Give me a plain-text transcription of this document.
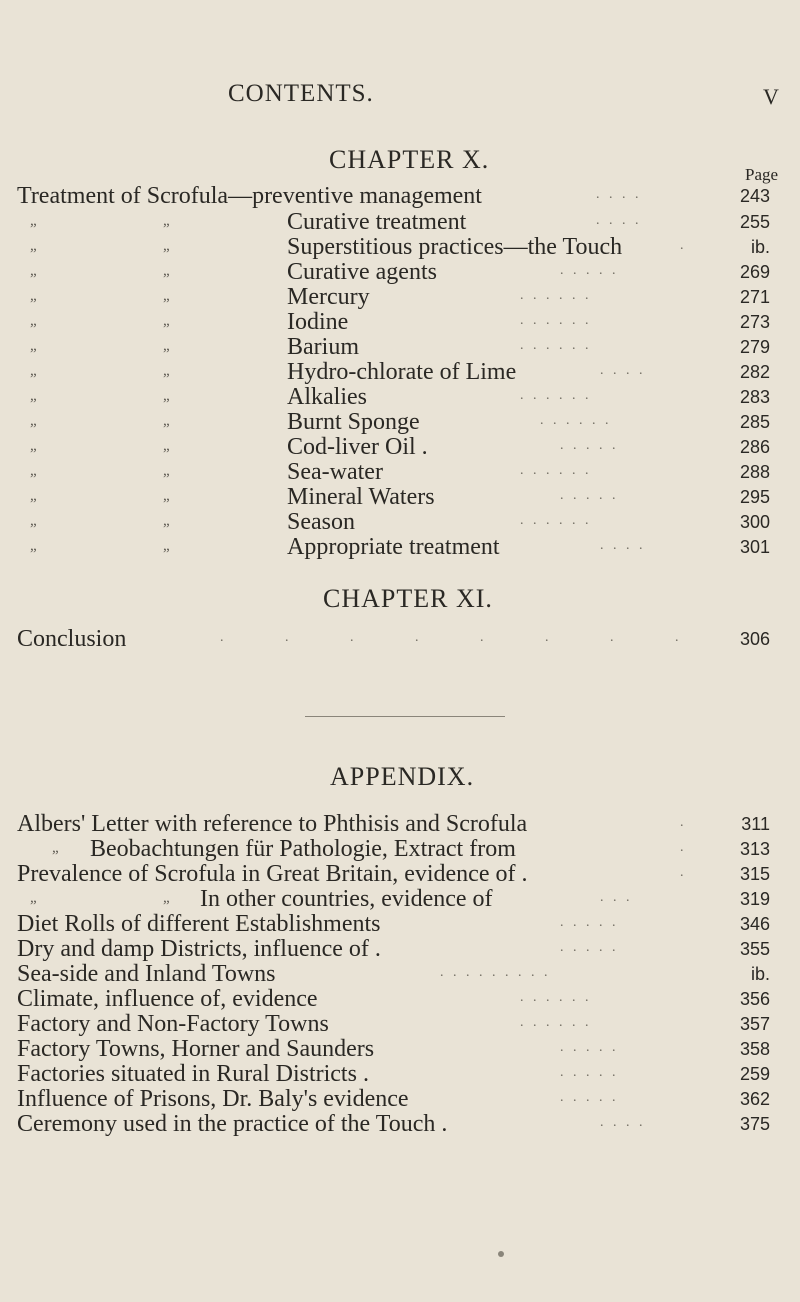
CONTENTS.	V
CHAPTER X.
Page
Treatment of Scrofula—preventive management	. . . .	243
„	„	Curative treatment	. . . .	255
„	„	Superstitious practices—the Touch	.	ib.
„	„	Curative agents	. . . . .	269
„	„	Mercury	. . . . . .	271
„	„	Iodine	. . . . . .	273
„	„	Barium	. . . . . .	279
„	„	Hydro-chlorate of Lime	. . . .	282
„	„	Alkalies	. . . . . .	283
„	„	Burnt Sponge	. . . . . .	285
„	„	Cod-liver Oil .	. . . . .	286
„	„	Sea-water	. . . . . .	288
„	„	Mineral Waters	. . . . .	295
„	„	Season	. . . . . .	300
„	„	Appropriate treatment	. . . .	301
CHAPTER XI.
Conclusion	.         .         .         .         .         .         .         .	306
APPENDIX.
Albers' Letter with reference to Phthisis and Scrofula	.	311
„ Beobachtungen für Pathologie, Extract from	.	313
Prevalence of Scrofula in Great Britain, evidence of .	.	315
„	„ In other countries, evidence of	. . .	319
Diet Rolls of different Establishments	. . . . .	346
Dry and damp Districts, influence of .	. . . . .	355
Sea-side and Inland Towns	. . . . . . . . .	ib.
Climate, influence of, evidence	. . . . . .	356
Factory and Non-Factory Towns	. . . . . .	357
Factory Towns, Horner and Saunders	. . . . .	358
Factories situated in Rural Districts .	. . . . .	259
Influence of Prisons, Dr. Baly's evidence	. . . . .	362
Ceremony used in the practice of the Touch .	. . . .	375
